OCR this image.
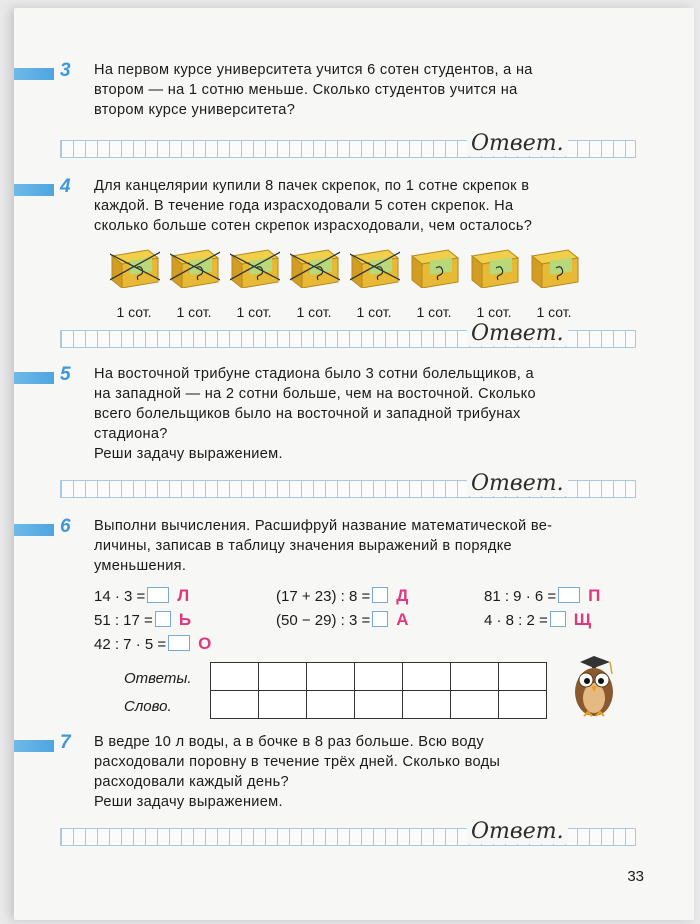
3 На первом курсе университета учится 6 сотен студентов, а на
втором — на 1 сотню меньше. Сколько студентов учится на
втором курсе университета?
Ответ.
4 Для канцелярии купили 8 пачек скрепок, по 1 сотне скрепок в
каждой. В течение года израсходовали 5 сотен скрепок. На
сколько больше сотен скрепок израсходовали, чем осталось?
1 сот.	1 сот.	1 сот.	1 сот.	1 сот.	1 сот.	1 сот.	1 сот.
Ответ.
5 На восточной трибуне стадиона было 3 сотни болельщиков, а
на западной — на 2 сотни больше, чем на восточной. Сколько
всего болельщиков было на восточной и западной трибунах
стадиона?
Реши задачу выражением.
Ответ.
6 Выполни вычисления. Расшифруй название математической ве-
личины, записав в таблицу значения выражений в порядке
уменьшения.
14 · 3 = Л	(17 + 23) : 8 = Д	81 : 9 · 6 = П
51 : 17 = Ь	(50 − 29) : 3 = А	4 · 8 : 2 = Щ
42 : 7 · 5 = О
Ответы.
Слово.

7 В ведре 10 л воды, а в бочке в 8 раз больше. Всю воду
расходовали поровну в течение трёх дней. Сколько воды
расходовали каждый день?
Реши задачу выражением.
Ответ.
33
